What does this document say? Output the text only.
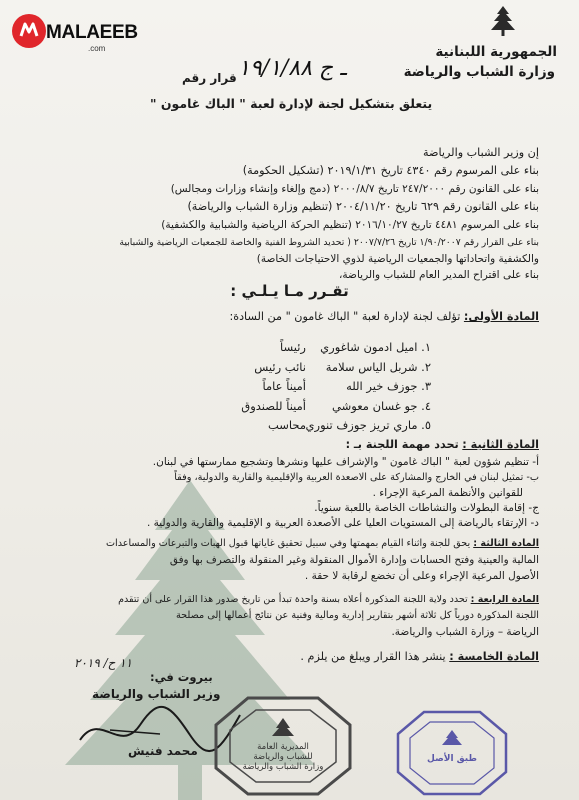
MALAEEB
.com	الجمهورية اللبنانية
وزارة الشباب والرياضة
قرار رقم ۱۹/۱/۸۸ ـ ج
يتعلق بتشكيل لجنة لإدارة لعبة " الباك غامون "
إن وزير الشباب والرياضة
بناء على المرسوم رقم ٤٣٤٠ تاريخ ٢٠١٩/١/٣١ (تشكيل الحكومة)
بناء على القانون رقم ٢٤٧/٢٠٠٠ تاريخ ٢٠٠٠/٨/٧ (دمج وإلغاء وإنشاء وزارات ومجالس)
بناء على القانون رقم ٦٢٩ تاريخ ٢٠٠٤/١١/٢٠ (تنظيم وزارة الشباب والرياضة)
بناء على المرسوم ٤٤٨١ تاريخ ٢٠١٦/١٠/٢٧ (تنظيم الحركة الرياضية والشبابية والكشفية)
بناء على القرار رقم ١/٩٠/٢٠٠٧ تاريخ ٢٠٠٧/٧/٢٦ ( تحديد الشروط الفنية والخاصة للجمعيات الرياضية والشبابية
والكشفية واتحاداتها والجمعيات الرياضية لذوي الاحتياجات الخاصة)
بناء على اقتراح المدير العام للشباب والرياضة،
تقـرر مـا يـلـي :
المادة الأولى: تؤلف لجنة لإدارة لعبة " الباك غامون " من السادة:
١. اميل ادمون شاغوري
٢. شربل الياس سلامة
٣. جوزف خير الله
٤. جو غسان معوشي
٥. ماري تريز جوزف تنوري
رئيساً
نائب رئيس
أميناً عاماً
أميناً للصندوق
محاسب
المادة الثانية : تحدد مهمة اللجنة بـ :
أ- تنظيم شؤون لعبة " الباك غامون " والإشراف عليها ونشرها وتشجيع ممارستها في لبنان.
ب- تمثيل لبنان في الخارج والمشاركة على الاصعدة العربية والإقليمية والقارية والدولية، وفقاً
للقوانين والأنظمة المرعية الإجراء .
ج- إقامة البطولات والنشاطات الخاصة باللعبة سنوياً.
د- الإرتقاء بالرياضة إلى المستويات العليا على الأصعدة العربية و الإقليمية والقارية والدولية .
المادة الثالثة : يحق للجنة واثناء القيام بمهمتها وفي سبيل تحقيق غاياتها قبول الهبات والتبرعات والمساعدات
المالية والعينية وفتح الحسابات وإدارة الأموال المنقولة وغير المنقولة والتصرف بها وفق
الأصول المرعية الإجراء وعلى أن تخضع لرقابة لا حقة .
المادة الرابعة : تحدد ولاية اللجنة المذكورة أعلاه بسنة واحدة تبدأ من تاريخ صدور هذا القرار على أن تتقدم
اللجنة المذكورة دورياً كل ثلاثة أشهر بتقارير إدارية ومالية وفنية عن نتائج أعمالها إلى مصلحة
الرياضة – وزارة الشباب والرياضة.
المادة الخامسة : ينشر هذا القرار ويبلغ من يلزم .
١١ ح/ ٢٠١٩
بيروت في:
وزير الشباب والرياضة
محمد فنيش	المديرية العامة
للشباب والرياضة
وزارة الشباب والرياضة
طبق الأصل
